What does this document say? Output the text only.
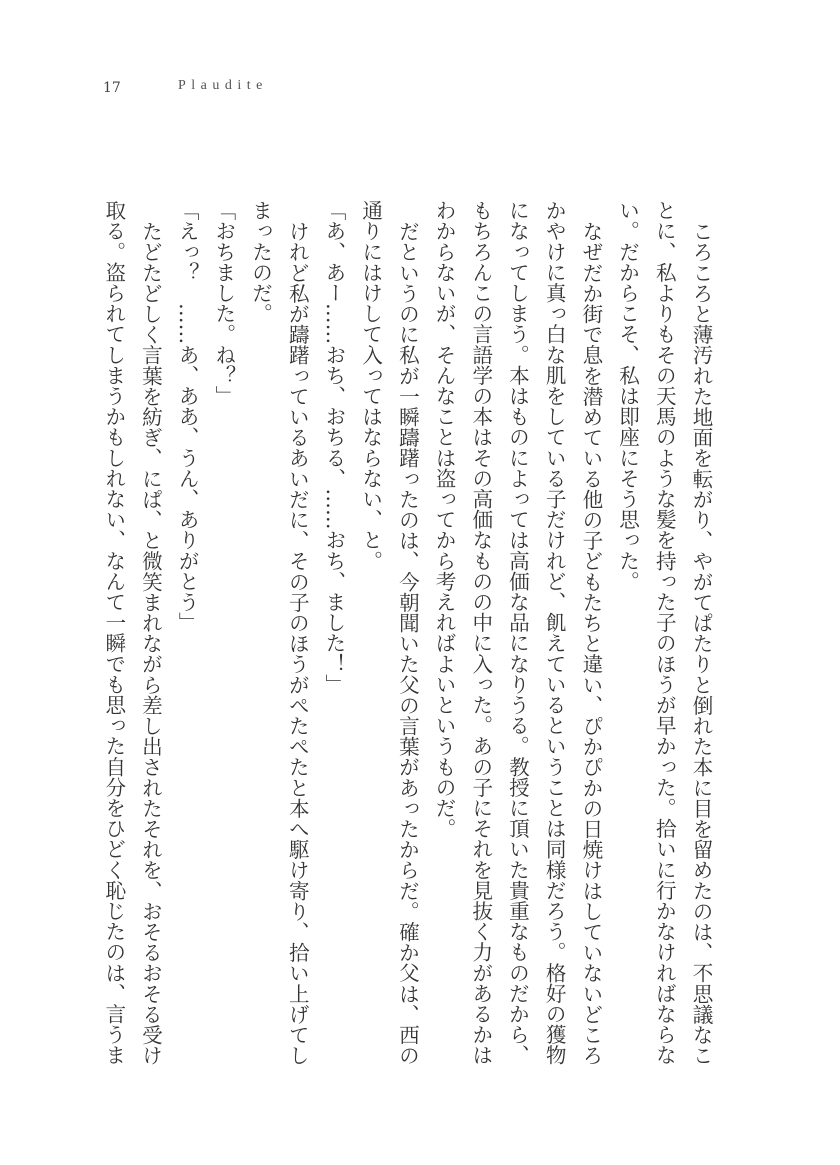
17	Plaudite
ころころと薄汚れた地面を転がり、やがてぱたりと倒れた本に目を留めたのは、不思議なこ
とに、私よりもその天馬のような髪を持った子のほうが早かった。拾いに行かなければならな
い。だからこそ、私は即座にそう思った。
なぜだか街で息を潜めている他の子どもたちと違い、ぴかぴかの日焼けはしていないどころ
かやけに真っ白な肌をしている子だけれど、飢えているということは同様だろう。格好の獲物
になってしまう。本はものによっては高価な品になりうる。教授に頂いた貴重なものだから、
もちろんこの言語学の本はその高価なものの中に入った。あの子にそれを見抜く力があるかは
わからないが、そんなことは盗ってから考えればよいというものだ。
だというのに私が一瞬躊躇ったのは、今朝聞いた父の言葉があったからだ。確か父は、西の
通りにはけして入ってはならない、と。
「あ、あー……おち、おちる、……おち、ました！」
けれど私が躊躇っているあいだに、その子のほうがぺたぺたと本へ駆け寄り、拾い上げてし
まったのだ。
「おちました。ね？」
「えっ？　……あ、ああ、うん、ありがとう」
たどたどしく言葉を紡ぎ、にぱ、と微笑まれながら差し出されたそれを、おそるおそる受け
取る。盗られてしまうかもしれない、なんて一瞬でも思った自分をひどく恥じたのは、言うま
